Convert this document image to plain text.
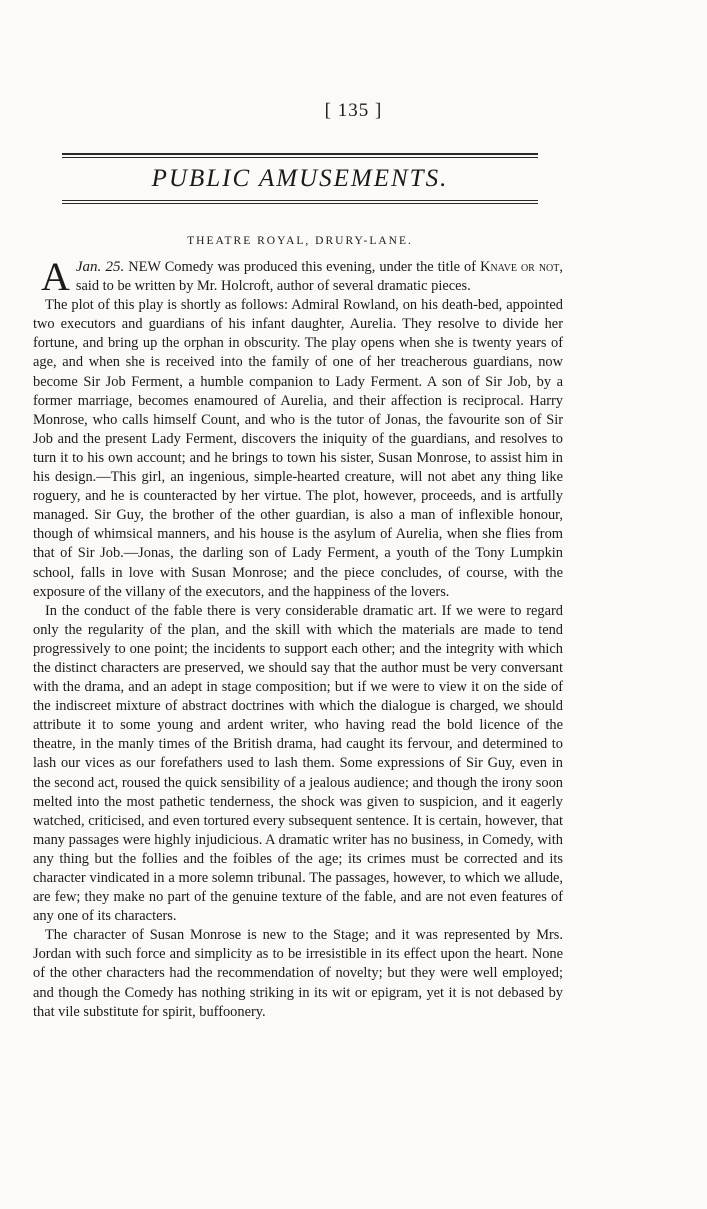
[ 135 ]
PUBLIC AMUSEMENTS.
THEATRE ROYAL, DRURY-LANE.

Jan. 25.
A	NEW Comedy was produced this evening, under the title of Knave or not, said to be written by Mr. Holcroft, author of several dramatic pieces.

The plot of this play is shortly as follows: Admiral Rowland, on his death-bed, appointed two executors and guardians of his infant daughter, Aurelia. They resolve to divide her fortune, and bring up the orphan in obscurity. The play opens when she is twenty years of age, and when she is received into the family of one of her treacherous guardians, now become Sir Job Ferment, a humble companion to Lady Ferment. A son of Sir Job, by a former marriage, becomes enamoured of Aurelia, and their affection is reciprocal. Harry Monrose, who calls himself Count, and who is the tutor of Jonas, the favourite son of Sir Job and the present Lady Ferment, discovers the iniquity of the guardians, and resolves to turn it to his own account; and he brings to town his sister, Susan Monrose, to assist him in his design.—This girl, an ingenious, simple-hearted creature, will not abet any thing like roguery, and he is counteracted by her virtue. The plot, however, proceeds, and is artfully managed. Sir Guy, the brother of the other guardian, is also a man of inflexible honour, though of whimsical manners, and his house is the asylum of Aurelia, when she flies from that of Sir Job.—Jonas, the darling son of Lady Ferment, a youth of the Tony Lumpkin school, falls in love with Susan Monrose; and the piece concludes, of course, with the exposure of the villany of the executors, and the happiness of the lovers.

In the conduct of the fable there is very considerable dramatic art. If we were to regard only the regularity of the plan, and the skill with which the materials are made to tend progressively to one point; the incidents to support each other; and the integrity with which the distinct characters are preserved, we should say that the author must be very conversant with the drama, and an adept in stage composition; but if we were to view it on the side of the indiscreet mixture of abstract doctrines with which the dialogue is charged, we should attribute it to some young and ardent writer, who having read the bold licence of the theatre, in the manly times of the British drama, had caught its fervour, and determined to lash our vices as our forefathers used to lash them. Some expressions of Sir Guy, even in the second act, roused the quick sensibility of a jealous audience; and though the irony soon melted into the most pathetic tenderness, the shock was given to suspicion, and it eagerly watched, criticised, and even tortured every subsequent sentence. It is certain, however, that many passages were highly injudicious. A dramatic writer has no business, in Comedy, with any thing but the follies and the foibles of the age; its crimes must be corrected and its character vindicated in a more solemn tribunal. The passages, however, to which we allude, are few; they make no part of the genuine texture of the fable, and are not even features of any one of its characters.

The character of Susan Monrose is new to the Stage; and it was represented by Mrs. Jordan with such force and simplicity as to be irresistible in its effect upon the heart. None of the other characters had the recommendation of novelty; but they were well employed; and though the Comedy has nothing striking in its wit or epigram, yet it is not debased by that vile substitute for spirit, buffoonery.
